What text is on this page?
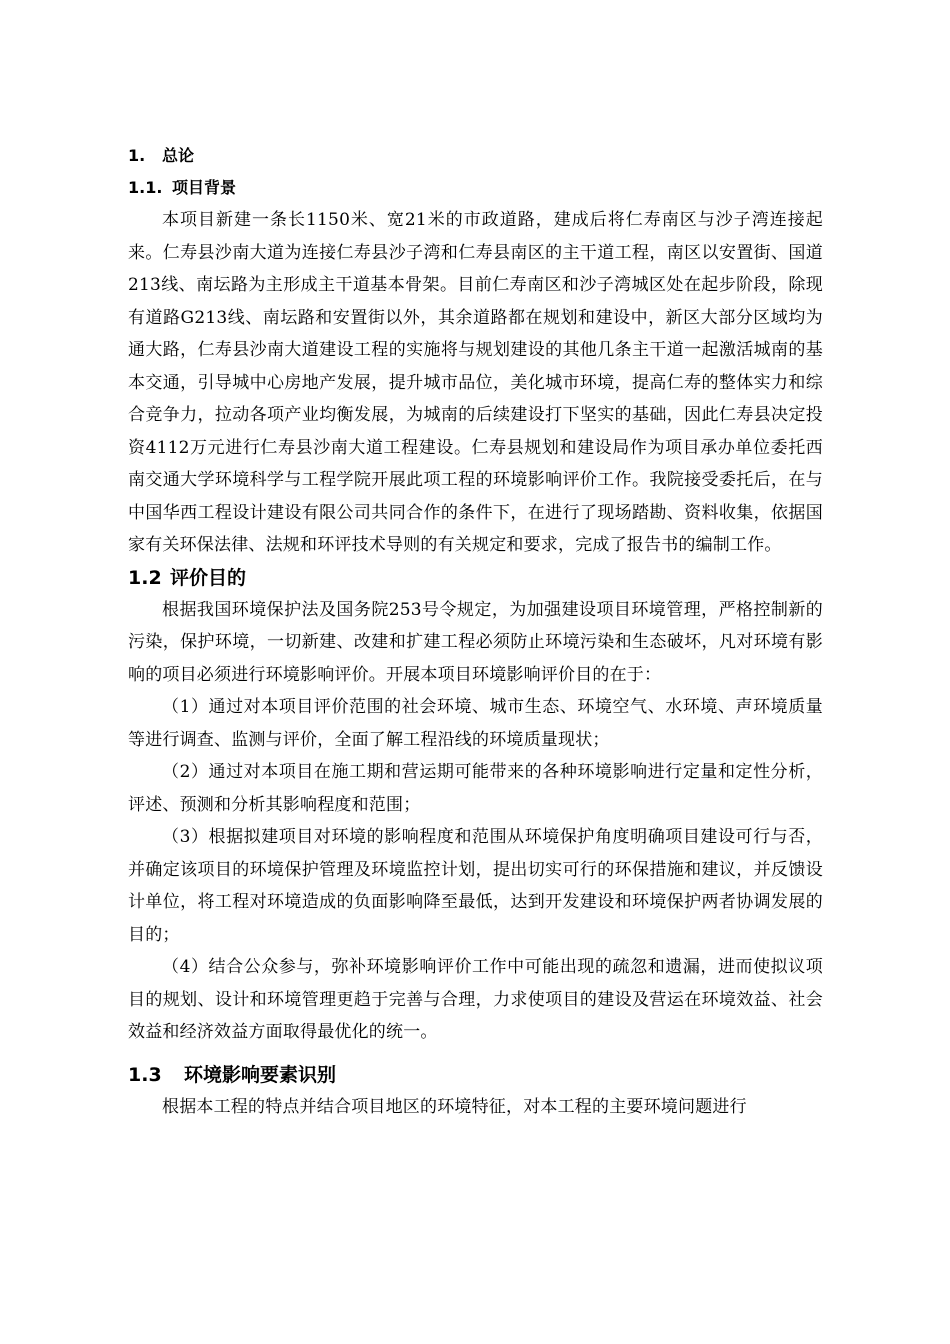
1. 总论
1.1. 项目背景

本项目新建一条长1150米、宽21米的市政道路，建成后将仁寿南区与沙子湾连接起来。仁寿县沙南大道为连接仁寿县沙子湾和仁寿县南区的主干道工程，南区以安置街、国道213线、南坛路为主形成主干道基本骨架。目前仁寿南区和沙子湾城区处在起步阶段，除现有道路G213线、南坛路和安置街以外，其余道路都在规划和建设中，新区大部分区域均为通大路，仁寿县沙南大道建设工程的实施将与规划建设的其他几条主干道一起激活城南的基本交通，引导城中心房地产发展，提升城市品位，美化城市环境，提高仁寿的整体实力和综合竞争力，拉动各项产业均衡发展，为城南的后续建设打下坚实的基础，因此仁寿县决定投资4112万元进行仁寿县沙南大道工程建设。仁寿县规划和建设局作为项目承办单位委托西南交通大学环境科学与工程学院开展此项工程的环境影响评价工作。我院接受委托后，在与中国华西工程设计建设有限公司共同合作的条件下，在进行了现场踏勘、资料收集，依据国家有关环保法律、法规和环评技术导则的有关规定和要求，完成了报告书的编制工作。

1.2 评价目的

根据我国环境保护法及国务院253号令规定，为加强建设项目环境管理，严格控制新的污染，保护环境，一切新建、改建和扩建工程必须防止环境污染和生态破坏，凡对环境有影响的项目必须进行环境影响评价。开展本项目环境影响评价目的在于：

（1）通过对本项目评价范围的社会环境、城市生态、环境空气、水环境、声环境质量等进行调查、监测与评价，全面了解工程沿线的环境质量现状；

（2）通过对本项目在施工期和营运期可能带来的各种环境影响进行定量和定性分析，评述、预测和分析其影响程度和范围；

（3）根据拟建项目对环境的影响程度和范围从环境保护角度明确项目建设可行与否，并确定该项目的环境保护管理及环境监控计划，提出切实可行的环保措施和建议，并反馈设计单位，将工程对环境造成的负面影响降至最低，达到开发建设和环境保护两者协调发展的目的；

（4）结合公众参与，弥补环境影响评价工作中可能出现的疏忽和遗漏，进而使拟议项目的规划、设计和环境管理更趋于完善与合理，力求使项目的建设及营运在环境效益、社会效益和经济效益方面取得最优化的统一。

1.3 环境影响要素识别

根据本工程的特点并结合项目地区的环境特征，对本工程的主要环境问题进行
